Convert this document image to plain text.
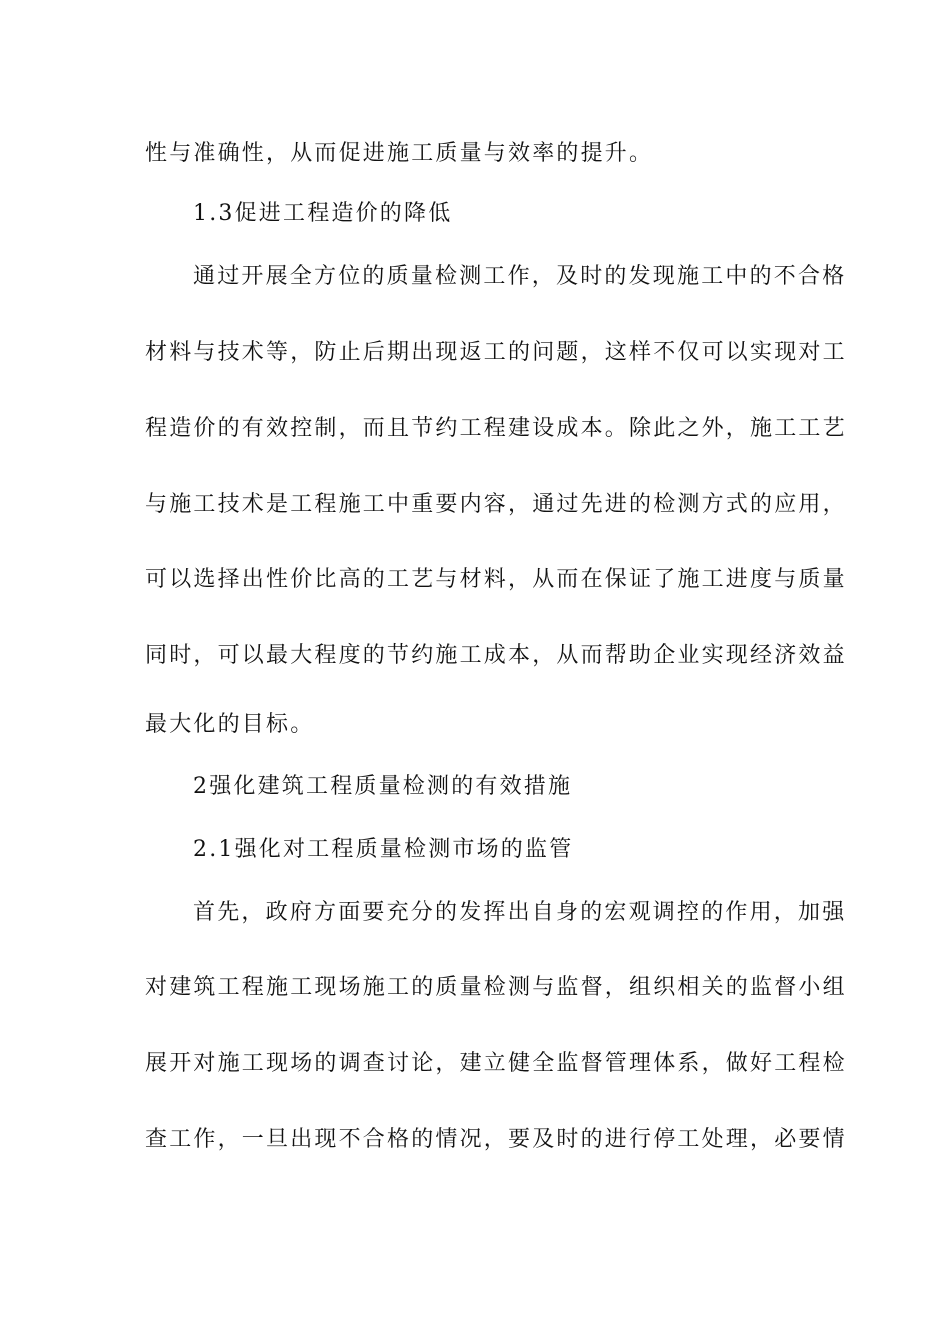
性与准确性，从而促进施工质量与效率的提升。
1.3促进工程造价的降低
通过开展全方位的质量检测工作，及时的发现施工中的不合格
材料与技术等，防止后期出现返工的问题，这样不仅可以实现对工
程造价的有效控制，而且节约工程建设成本。除此之外，施工工艺
与施工技术是工程施工中重要内容，通过先进的检测方式的应用，
可以选择出性价比高的工艺与材料，从而在保证了施工进度与质量
同时，可以最大程度的节约施工成本，从而帮助企业实现经济效益
最大化的目标。
2强化建筑工程质量检测的有效措施
2.1强化对工程质量检测市场的监管
首先，政府方面要充分的发挥出自身的宏观调控的作用，加强
对建筑工程施工现场施工的质量检测与监督，组织相关的监督小组
展开对施工现场的调查讨论，建立健全监督管理体系，做好工程检
查工作，一旦出现不合格的情况，要及时的进行停工处理，必要情
